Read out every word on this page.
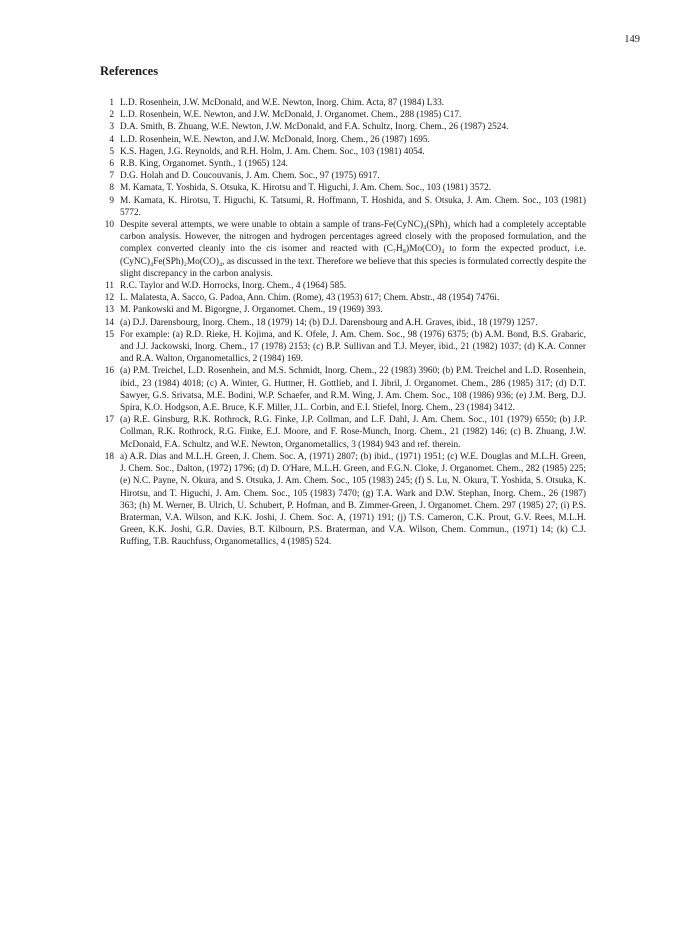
149
References
1 L.D. Rosenhein, J.W. McDonald, and W.E. Newton, Inorg. Chim. Acta, 87 (1984) L33.
2 L.D. Rosenhein, W.E. Newton, and J.W. McDonald, J. Organomet. Chem., 288 (1985) C17.
3 D.A. Smith, B. Zhuang, W.E. Newton, J.W. McDonald, and F.A. Schultz, Inorg. Chem., 26 (1987) 2524.
4 L.D. Rosenhein, W.E. Newton, and J.W. McDonald, Inorg. Chem., 26 (1987) 1695.
5 K.S. Hagen, J.G. Reynolds, and R.H. Holm, J. Am. Chem. Soc., 103 (1981) 4054.
6 R.B. King, Organomet. Synth., 1 (1965) 124.
7 D.G. Holah and D. Coucouvanis, J. Am. Chem. Soc., 97 (1975) 6917.
8 M. Kamata, T. Yoshida, S. Otsuka, K. Hirotsu and T. Higuchi, J. Am. Chem. Soc., 103 (1981) 3572.
9 M. Kamata, K. Hirotsu, T. Higuchi, K. Tatsumi, R. Hoffmann, T. Hoshida, and S. Otsuka, J. Am. Chem. Soc., 103 (1981) 5772.
10 Despite several attempts, we were unable to obtain a sample of trans-Fe(CyNC)₄(SPh)₂ which had a completely acceptable carbon analysis. However, the nitrogen and hydrogen percentages agreed closely with the proposed formulation, and the complex converted cleanly into the cis isomer and reacted with (C₇H₈)Mo(CO)₄ to form the expected product, i.e. (CyNC)₄Fe(SPh)₂Mo(CO)₄, as discussed in the text. Therefore we believe that this species is formulated correctly despite the slight discrepancy in the carbon analysis.
11 R.C. Taylor and W.D. Horrocks, Inorg. Chem., 4 (1964) 585.
12 L. Malatesta, A. Sacco, G. Padoa, Ann. Chim. (Rome), 43 (1953) 617; Chem. Abstr., 48 (1954) 7476i.
13 M. Pankowski and M. Bigorgne, J. Organomet. Chem., 19 (1969) 393.
14 (a) D.J. Darensbourg, Inorg. Chem., 18 (1979) 14; (b) D.J. Darensbourg and A.H. Graves, ibid., 18 (1979) 1257.
15 For example: (a) R.D. Rieke, H. Kojima, and K. Ofele, J. Am. Chem. Soc., 98 (1976) 6375; (b) A.M. Bond, B.S. Grabaric, and J.J. Jackowski, Inorg. Chem., 17 (1978) 2153; (c) B.P. Sullivan and T.J. Meyer, ibid., 21 (1982) 1037; (d) K.A. Conner and R.A. Walton, Organometallics, 2 (1984) 169.
16 (a) P.M. Treichel, L.D. Rosenhein, and M.S. Schmidt, Inorg. Chem., 22 (1983) 3960; (b) P.M. Treichel and L.D. Rosenhein, ibid., 23 (1984) 4018; (c) A. Winter, G. Huttner, H. Gottlieb, and I. Jibril, J. Organomet. Chem., 286 (1985) 317; (d) D.T. Sawyer, G.S. Srivatsa, M.E. Bodini, W.P. Schaefer, and R.M. Wing, J. Am. Chem. Soc., 108 (1986) 936; (e) J.M. Berg, D.J. Spira, K.O. Hodgson, A.E. Bruce, K.F. Miller, J.L. Corbin, and E.I. Stiefel, Inorg. Chem., 23 (1984) 3412.
17 (a) R.E. Ginsburg, R.K. Rothrock, R.G. Finke, J.P. Collman, and L.F. Dahl, J. Am. Chem. Soc., 101 (1979) 6550; (b) J.P. Collman, R.K. Rothrock, R.G. Finke, E.J. Moore, and F. Rose-Munch, Inorg. Chem., 21 (1982) 146; (c) B. Zhuang, J.W. McDonald, F.A. Schultz, and W.E. Newton, Organometallics, 3 (1984) 943 and ref. therein.
18 a) A.R. Dias and M.L.H. Green, J. Chem. Soc. A, (1971) 2807; (b) ibid., (1971) 1951; (c) W.E. Douglas and M.L.H. Green, J. Chem. Soc., Dalton, (1972) 1796; (d) D. O'Hare, M.L.H. Green, and F.G.N. Cloke, J. Organomet. Chem., 282 (1985) 225; (e) N.C. Payne, N. Okura, and S. Otsuka, J. Am. Chem. Soc., 105 (1983) 245; (f) S. Lu, N. Okura, T. Yoshida, S. Otsuka, K. Hirotsu, and T. Higuchi, J. Am. Chem. Soc., 105 (1983) 7470; (g) T.A. Wark and D.W. Stephan, Inorg. Chem., 26 (1987) 363; (h) M. Werner, B. Ulrich, U. Schubert, P. Hofman, and B. Zimmer-Green, J. Organomet. Chem. 297 (1985) 27; (i) P.S. Braterman, V.A. Wilson, and K.K. Joshi, J. Chem. Soc. A, (1971) 191; (j) T.S. Cameron, C.K. Prout, G.V. Rees, M.L.H. Green, K.K. Joshi, G.R. Davies, B.T. Kilbourn, P.S. Braterman, and V.A. Wilson, Chem. Commun., (1971) 14; (k) C.J. Ruffing, T.B. Rauchfuss, Organometallics, 4 (1985) 524.
